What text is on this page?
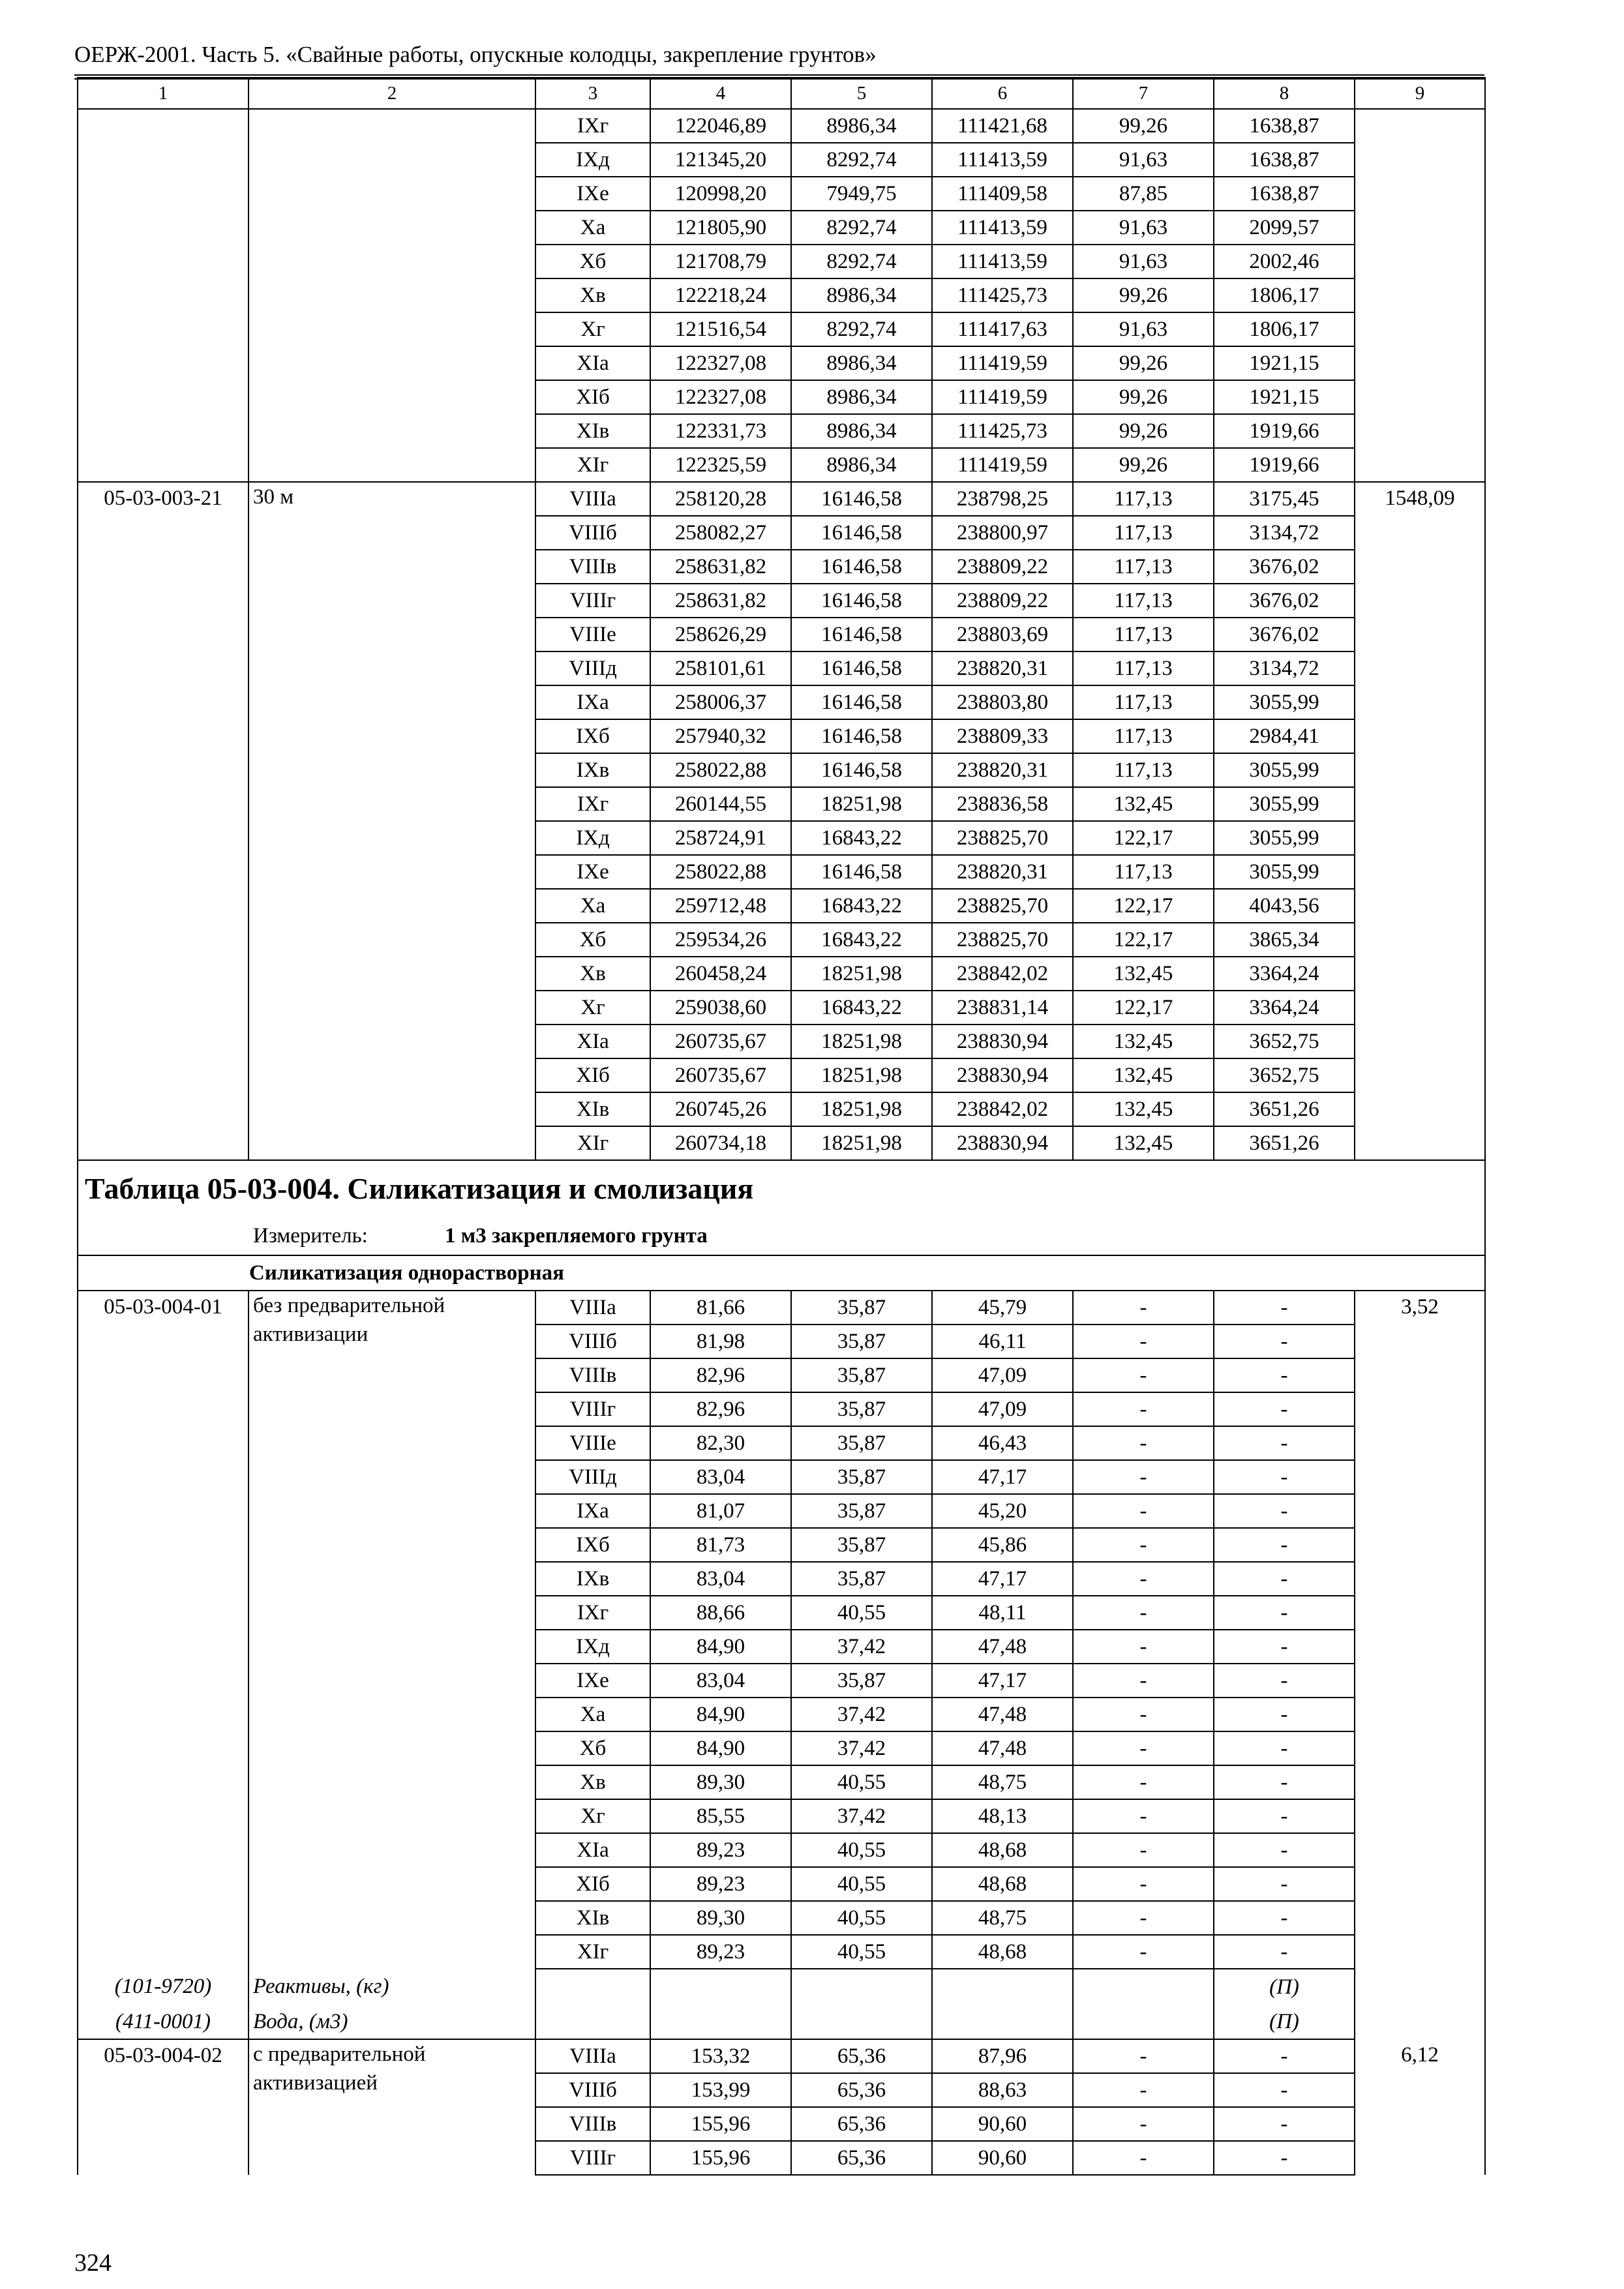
ОЕРЖ-2001. Часть 5. «Свайные работы, опускные колодцы, закрепление грунтов»
1	2	3	4	5	6	7	8	9
		IXг	122046,89	8986,34	111421,68	99,26	1638,87	
		IXд	121345,20	8292,74	111413,59	91,63	1638,87	
		IXе	120998,20	7949,75	111409,58	87,85	1638,87	
		Xа	121805,90	8292,74	111413,59	91,63	2099,57	
		Xб	121708,79	8292,74	111413,59	91,63	2002,46	
		Xв	122218,24	8986,34	111425,73	99,26	1806,17	
		Xг	121516,54	8292,74	111417,63	91,63	1806,17	
		XIа	122327,08	8986,34	111419,59	99,26	1921,15	
		XIб	122327,08	8986,34	111419,59	99,26	1921,15	
		XIв	122331,73	8986,34	111425,73	99,26	1919,66	
		XIг	122325,59	8986,34	111419,59	99,26	1919,66	
05-03-003-21	30 м	VIIIа	258120,28	16146,58	238798,25	117,13	3175,45	1548,09
		VIIIб	258082,27	16146,58	238800,97	117,13	3134,72	
		VIIIв	258631,82	16146,58	238809,22	117,13	3676,02	
		VIIIг	258631,82	16146,58	238809,22	117,13	3676,02	
		VIIIе	258626,29	16146,58	238803,69	117,13	3676,02	
		VIIIд	258101,61	16146,58	238820,31	117,13	3134,72	
		IXа	258006,37	16146,58	238803,80	117,13	3055,99	
		IXб	257940,32	16146,58	238809,33	117,13	2984,41	
		IXв	258022,88	16146,58	238820,31	117,13	3055,99	
		IXг	260144,55	18251,98	238836,58	132,45	3055,99	
		IXд	258724,91	16843,22	238825,70	122,17	3055,99	
		IXе	258022,88	16146,58	238820,31	117,13	3055,99	
		Xа	259712,48	16843,22	238825,70	122,17	4043,56	
		Xб	259534,26	16843,22	238825,70	122,17	3865,34	
		Xв	260458,24	18251,98	238842,02	132,45	3364,24	
		Xг	259038,60	16843,22	238831,14	122,17	3364,24	
		XIа	260735,67	18251,98	238830,94	132,45	3652,75	
		XIб	260735,67	18251,98	238830,94	132,45	3652,75	
		XIв	260745,26	18251,98	238842,02	132,45	3651,26	
		XIг	260734,18	18251,98	238830,94	132,45	3651,26	
Таблица 05-03-004. Силикатизация и смолизация								
Измеритель: 1 м3 закрепляемого грунта								

Силикатизация однорастворная								
05-03-004-01	без предварительной активизации	VIIIа	81,66	35,87	45,79	-	-	3,52
		VIIIб	81,98	35,87	46,11	-	-	
		VIIIв	82,96	35,87	47,09	-	-	
		VIIIг	82,96	35,87	47,09	-	-	
		VIIIе	82,30	35,87	46,43	-	-	
		VIIIд	83,04	35,87	47,17	-	-	
		IXа	81,07	35,87	45,20	-	-	
		IXб	81,73	35,87	45,86	-	-	
		IXв	83,04	35,87	47,17	-	-	
		IXг	88,66	40,55	48,11	-	-	
		IXд	84,90	37,42	47,48	-	-	
		IXе	83,04	35,87	47,17	-	-	
		Xа	84,90	37,42	47,48	-	-	
		Xб	84,90	37,42	47,48	-	-	
		Xв	89,30	40,55	48,75	-	-	
		Xг	85,55	37,42	48,13	-	-	
		XIа	89,23	40,55	48,68	-	-	
		XIб	89,23	40,55	48,68	-	-	
		XIв	89,30	40,55	48,75	-	-	
		XIг	89,23	40,55	48,68	-	-	
(101-9720)	Реактивы, (кг)						(П)	
(411-0001)	Вода, (м3)						(П)	
05-03-004-02	с предварительной активизацией	VIIIа	153,32	65,36	87,96	-	-	6,12
		VIIIб	153,99	65,36	88,63	-	-	
		VIIIв	155,96	65,36	90,60	-	-	
		VIIIг	155,96	65,36	90,60	-	-	
324
